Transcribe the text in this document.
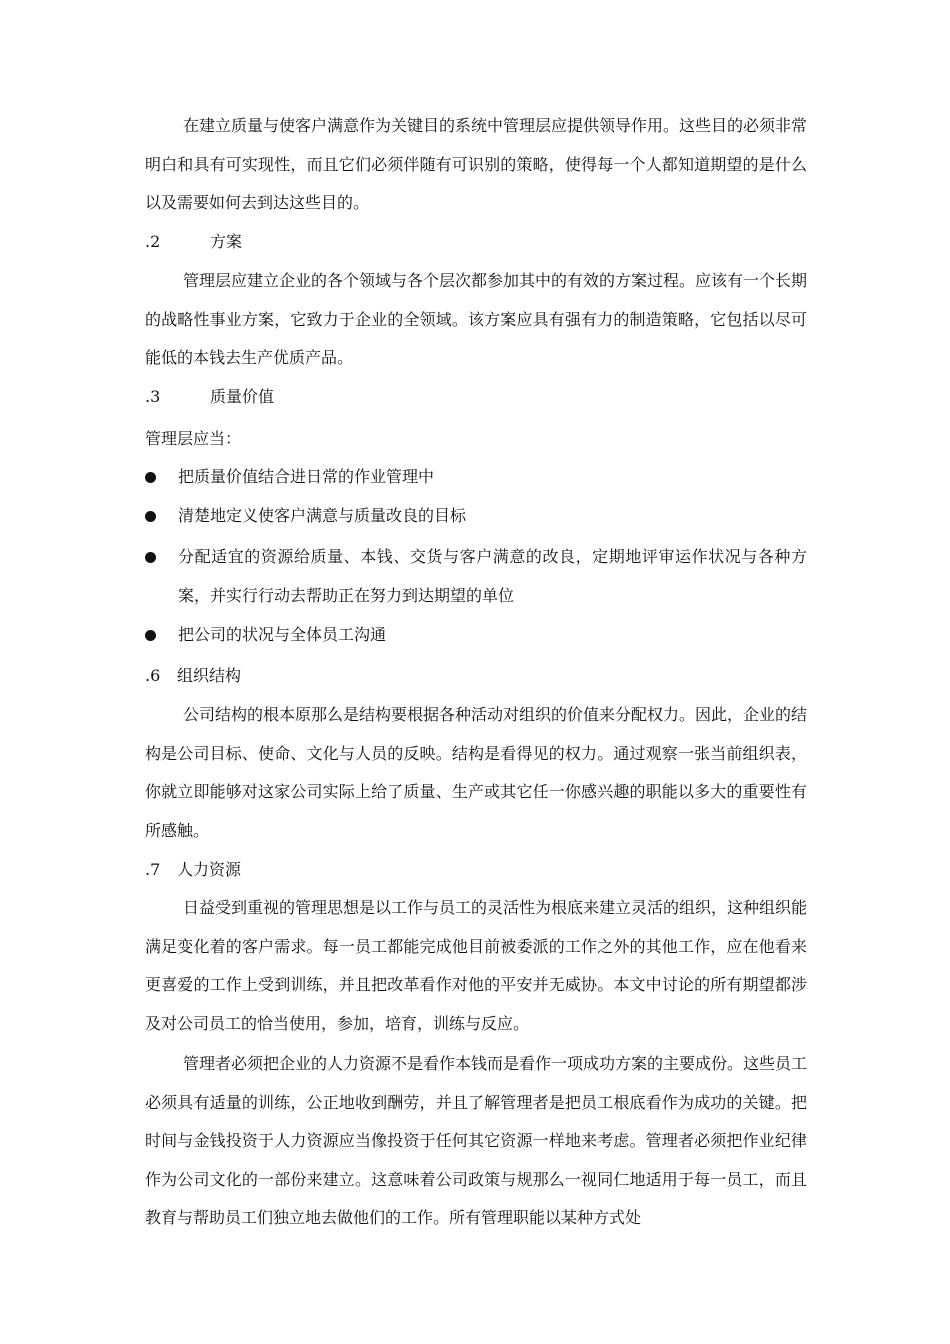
在建立质量与使客户满意作为关键目的系统中管理层应提供领导作用。这些目的必须非常明白和具有可实现性，而且它们必须伴随有可识别的策略，使得每一个人都知道期望的是什么以及需要如何去到达这些目的。

.2	方案

管理层应建立企业的各个领域与各个层次都参加其中的有效的方案过程。应该有一个长期的战略性事业方案，它致力于企业的全领域。该方案应具有强有力的制造策略，它包括以尽可能低的本钱去生产优质产品。

.3	质量价值
管理层应当：
把质量价值结合进日常的作业管理中
清楚地定义使客户满意与质量改良的目标
分配适宜的资源给质量、本钱、交货与客户满意的改良，定期地评审运作状况与各种方案，并实行行动去帮助正在努力到达期望的单位
把公司的状况与全体员工沟通
.6 组织结构

公司结构的根本原那么是结构要根据各种活动对组织的价值来分配权力。因此，企业的结构是公司目标、使命、文化与人员的反映。结构是看得见的权力。通过观察一张当前组织表，你就立即能够对这家公司实际上给了质量、生产或其它任一你感兴趣的职能以多大的重要性有所感触。

.7 人力资源

日益受到重视的管理思想是以工作与员工的灵活性为根底来建立灵活的组织，这种组织能满足变化着的客户需求。每一员工都能完成他目前被委派的工作之外的其他工作，应在他看来更喜爱的工作上受到训练，并且把改革看作对他的平安并无威协。本文中讨论的所有期望都涉及对公司员工的恰当使用，参加，培育，训练与反应。

管理者必须把企业的人力资源不是看作本钱而是看作一项成功方案的主要成份。这些员工必须具有适量的训练，公正地收到酬劳，并且了解管理者是把员工根底看作为成功的关键。把时间与金钱投资于人力资源应当像投资于任何其它资源一样地来考虑。管理者必须把作业纪律作为公司文化的一部份来建立。这意味着公司政策与规那么一视同仁地适用于每一员工，而且教育与帮助员工们独立地去做他们的工作。所有管理职能以某种方式处
